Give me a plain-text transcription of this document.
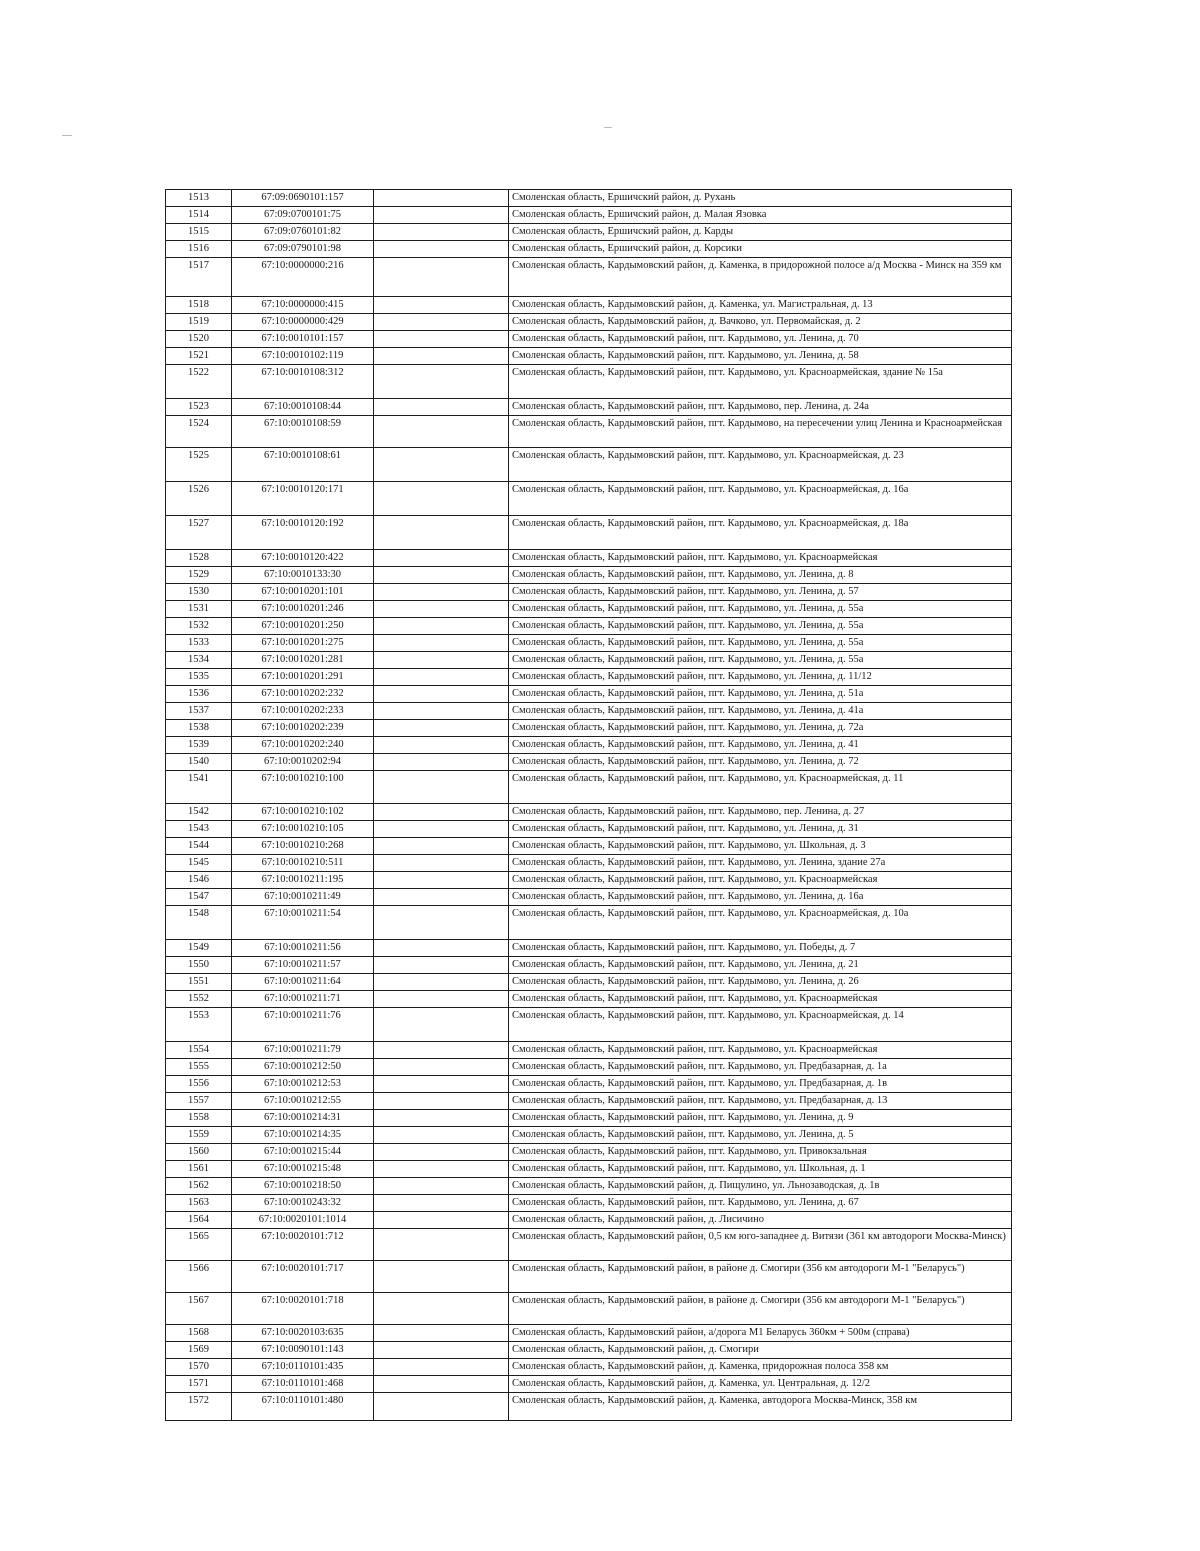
1513	67:09:0690101:157		Смоленская область, Ершичский район, д. Рухань
1514	67:09:0700101:75		Смоленская область, Ершичский район, д. Малая Язовка
1515	67:09:0760101:82		Смоленская область, Ершичский район, д. Карды
1516	67:09:0790101:98		Смоленская область, Ершичский район, д. Корсики
1517	67:10:0000000:216		Смоленская область, Кардымовский район, д. Каменка, в придорожной полосе а/д Москва - Минск на 359 км
1518	67:10:0000000:415		Смоленская область, Кардымовский район, д. Каменка, ул. Магистральная, д. 13
1519	67:10:0000000:429		Смоленская область, Кардымовский район, д. Вачково, ул. Первомайская, д. 2
1520	67:10:0010101:157		Смоленская область, Кардымовский район, пгт. Кардымово, ул. Ленина, д. 70
1521	67:10:0010102:119		Смоленская область, Кардымовский район, пгт. Кардымово, ул. Ленина, д. 58
1522	67:10:0010108:312		Смоленская область, Кардымовский район, пгт. Кардымово, ул. Красноармейская, здание № 15а
1523	67:10:0010108:44		Смоленская область, Кардымовский район, пгт. Кардымово, пер. Ленина, д. 24а
1524	67:10:0010108:59		Смоленская область, Кардымовский район, пгт. Кардымово, на пересечении улиц Ленина и Красноармейская
1525	67:10:0010108:61		Смоленская область, Кардымовский район, пгт. Кардымово, ул. Красноармейская, д. 23
1526	67:10:0010120:171		Смоленская область, Кардымовский район, пгт. Кардымово, ул. Красноармейская, д. 16а
1527	67:10:0010120:192		Смоленская область, Кардымовский район, пгт. Кардымово, ул. Красноармейская, д. 18а
1528	67:10:0010120:422		Смоленская область, Кардымовский район, пгт. Кардымово, ул. Красноармейская
1529	67:10:0010133:30		Смоленская область, Кардымовский район, пгт. Кардымово, ул. Ленина, д. 8
1530	67:10:0010201:101		Смоленская область, Кардымовский район, пгт. Кардымово, ул. Ленина, д. 57
1531	67:10:0010201:246		Смоленская область, Кардымовский район, пгт. Кардымово, ул. Ленина, д. 55а
1532	67:10:0010201:250		Смоленская область, Кардымовский район, пгт. Кардымово, ул. Ленина, д. 55а
1533	67:10:0010201:275		Смоленская область, Кардымовский район, пгт. Кардымово, ул. Ленина, д. 55а
1534	67:10:0010201:281		Смоленская область, Кардымовский район, пгт. Кардымово, ул. Ленина, д. 55а
1535	67:10:0010201:291		Смоленская область, Кардымовский район, пгт. Кардымово, ул. Ленина, д. 11/12
1536	67:10:0010202:232		Смоленская область, Кардымовский район, пгт. Кардымово, ул. Ленина, д. 51а
1537	67:10:0010202:233		Смоленская область, Кардымовский район, пгт. Кардымово, ул. Ленина, д. 41а
1538	67:10:0010202:239		Смоленская область, Кардымовский район, пгт. Кардымово, ул. Ленина, д. 72а
1539	67:10:0010202:240		Смоленская область, Кардымовский район, пгт. Кардымово, ул. Ленина, д. 41
1540	67:10:0010202:94		Смоленская область, Кардымовский район, пгт. Кардымово, ул. Ленина, д. 72
1541	67:10:0010210:100		Смоленская область, Кардымовский район, пгт. Кардымово, ул. Красноармейская, д. 11
1542	67:10:0010210:102		Смоленская область, Кардымовский район, пгт. Кардымово, пер. Ленина, д. 27
1543	67:10:0010210:105		Смоленская область, Кардымовский район, пгт. Кардымово, ул. Ленина, д. 31
1544	67:10:0010210:268		Смоленская область, Кардымовский район, пгт. Кардымово, ул. Школьная, д. 3
1545	67:10:0010210:511		Смоленская область, Кардымовский район, пгт. Кардымово, ул. Ленина, здание 27а
1546	67:10:0010211:195		Смоленская область, Кардымовский район, пгт. Кардымово, ул. Красноармейская
1547	67:10:0010211:49		Смоленская область, Кардымовский район, пгт. Кардымово, ул. Ленина, д. 16а
1548	67:10:0010211:54		Смоленская область, Кардымовский район, пгт. Кардымово, ул. Красноармейская, д. 10а
1549	67:10:0010211:56		Смоленская область, Кардымовский район, пгт. Кардымово, ул. Победы, д. 7
1550	67:10:0010211:57		Смоленская область, Кардымовский район, пгт. Кардымово, ул. Ленина, д. 21
1551	67:10:0010211:64		Смоленская область, Кардымовский район, пгт. Кардымово, ул. Ленина, д. 26
1552	67:10:0010211:71		Смоленская область, Кардымовский район, пгт. Кардымово, ул. Красноармейская
1553	67:10:0010211:76		Смоленская область, Кардымовский район, пгт. Кардымово, ул. Красноармейская, д. 14
1554	67:10:0010211:79		Смоленская область, Кардымовский район, пгт. Кардымово, ул. Красноармейская
1555	67:10:0010212:50		Смоленская область, Кардымовский район, пгт. Кардымово, ул. Предбазарная, д. 1а
1556	67:10:0010212:53		Смоленская область, Кардымовский район, пгт. Кардымово, ул. Предбазарная, д. 1в
1557	67:10:0010212:55		Смоленская область, Кардымовский район, пгт. Кардымово, ул. Предбазарная, д. 13
1558	67:10:0010214:31		Смоленская область, Кардымовский район, пгт. Кардымово, ул. Ленина, д. 9
1559	67:10:0010214:35		Смоленская область, Кардымовский район, пгт. Кардымово, ул. Ленина, д. 5
1560	67:10:0010215:44		Смоленская область, Кардымовский район, пгт. Кардымово, ул. Привокзальная
1561	67:10:0010215:48		Смоленская область, Кардымовский район, пгт. Кардымово, ул. Школьная, д. 1
1562	67:10:0010218:50		Смоленская область, Кардымовский район, д. Пищулино, ул. Льнозаводская, д. 1в
1563	67:10:0010243:32		Смоленская область, Кардымовский район, пгт. Кардымово, ул. Ленина, д. 67
1564	67:10:0020101:1014		Смоленская область, Кардымовский район, д. Лисичино
1565	67:10:0020101:712		Смоленская область, Кардымовский район, 0,5 км юго-западнее д. Витязи (361 км автодороги Москва-Минск)
1566	67:10:0020101:717		Смоленская область, Кардымовский район, в районе д. Смогири (356 км автодороги М-1 "Беларусь")
1567	67:10:0020101:718		Смоленская область, Кардымовский район, в районе д. Смогири (356 км автодороги М-1 "Беларусь")
1568	67:10:0020103:635		Смоленская область, Кардымовский район, а/дорога М1 Беларусь 360км + 500м (справа)
1569	67:10:0090101:143		Смоленская область, Кардымовский район, д. Смогири
1570	67:10:0110101:435		Смоленская область, Кардымовский район, д. Каменка, придорожная полоса 358 км
1571	67:10:0110101:468		Смоленская область, Кардымовский район, д. Каменка, ул. Центральная, д. 12/2
1572	67:10:0110101:480		Смоленская область, Кардымовский район, д. Каменка, автодорога Москва-Минск, 358 км
